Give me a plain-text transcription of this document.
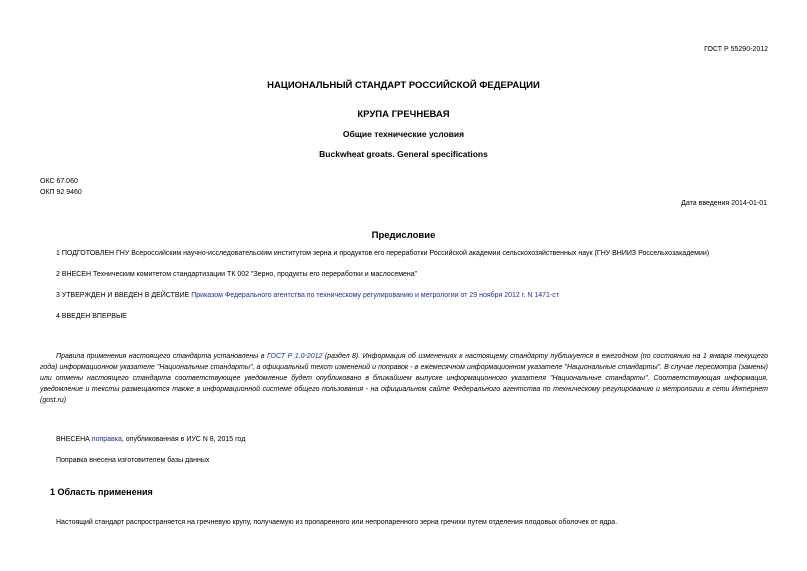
ГОСТ Р 55290-2012
НАЦИОНАЛЬНЫЙ СТАНДАРТ РОССИЙСКОЙ ФЕДЕРАЦИИ
КРУПА ГРЕЧНЕВАЯ
Общие технические условия
Buckwheat groats. General specifications
ОКС 67.060
ОКП 92 9460
Дата введения 2014-01-01
Предисловие
1 ПОДГОТОВЛЕН ГНУ Всероссийским научно-исследовательским институтом зерна и продуктов его переработки Российской академии сельскохозяйственных наук (ГНУ ВНИИЗ Россельхозакадемии)
2 ВНЕСЕН Техническим комитетом стандартизации ТК 002 "Зерно, продукты его переработки и маслосемена"
3 УТВЕРЖДЕН И ВВЕДЕН В ДЕЙСТВИЕ Приказом Федерального агентства по техническому регулированию и метрологии от 29 ноября 2012 г. N 1471-ст
4 ВВЕДЕН ВПЕРВЫЕ
Правила применения настоящего стандарта установлены в ГОСТ Р 1.0-2012 (раздел 8). Информация об изменениях к настоящему стандарту публикуется в ежегодном (по состоянию на 1 января текущего года) информационном указателе "Национальные стандарты", а официальный текст изменений и поправок - в ежемесячном информационном указателе "Национальные стандарты". В случае пересмотра (замены) или отмены настоящего стандарта соответствующее уведомление будет опубликовано в ближайшем выпуске информационного указателя "Национальные стандарты". Соответствующая информация, уведомление и тексты размещаются также в информационной системе общего пользования - на официальном сайте Федерального агентства по техническому регулированию и метрологии в сети Интернет (gost.ru)
ВНЕСЕНА поправка, опубликованная в ИУС N 8, 2015 год
Поправка внесена изготовителем базы данных
1 Область применения
Настоящий стандарт распространяется на гречневую крупу, получаемую из пропаренного или непропаренного зерна гречихи путем отделения плодовых оболочек от ядра.
